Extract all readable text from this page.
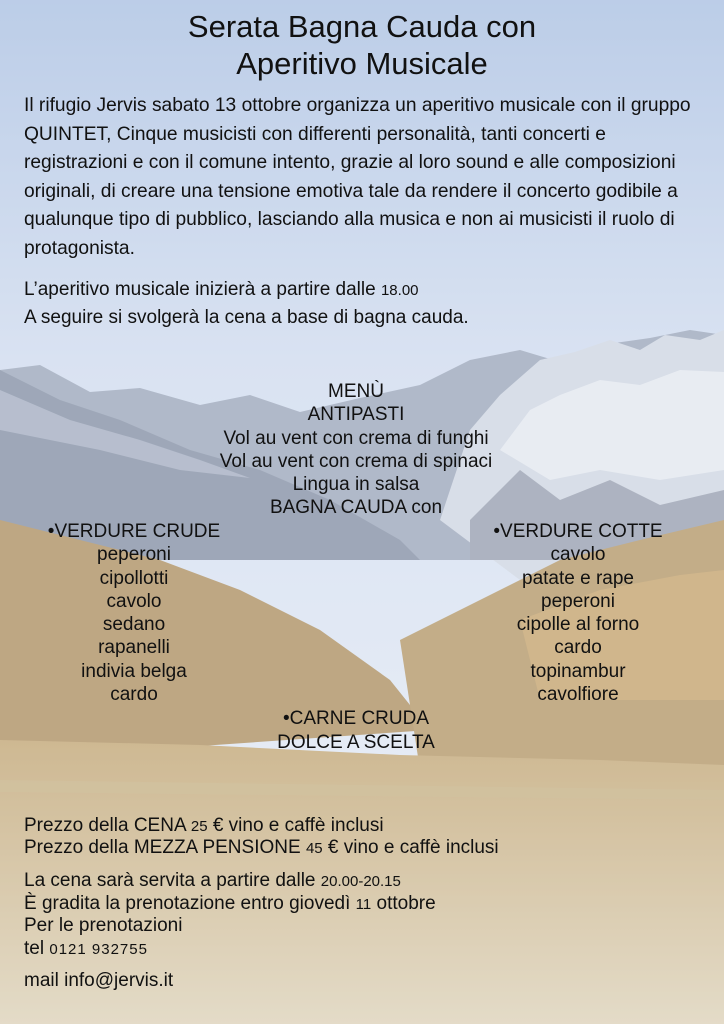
Serata Bagna Cauda con
Aperitivo Musicale

Il rifugio Jervis sabato 13 ottobre organizza un aperitivo musicale con il gruppo QUINTET, Cinque musicisti con differenti personalità, tanti concerti e registrazioni e con il comune intento, grazie al loro sound e alle composizioni originali, di creare una tensione emotiva tale da rendere il concerto godibile a qualunque tipo di pubblico, lasciando alla musica e non ai musicisti il ruolo di protagonista.

L’aperitivo musicale inizierà a partire dalle 18.00
A seguire si svolgerà la cena a base di bagna cauda.
MENÙ
ANTIPASTI
Vol au vent con crema di funghi
Vol au vent con crema di spinaci
Lingua in salsa
BAGNA CAUDA con
•VERDURE CRUDE
peperoni
cipollotti
cavolo
sedano
rapanelli
indivia belga
cardo
•VERDURE COTTE
cavolo
patate e rape
peperoni
cipolle al forno
cardo
topinambur
cavolfiore
•CARNE CRUDA
DOLCE A SCELTA
Prezzo della CENA 25 € vino e caffè inclusi
Prezzo della MEZZA PENSIONE 45 € vino e caffè inclusi
La cena sarà servita a partire dalle 20.00-20.15
È gradita la prenotazione entro giovedì 11 ottobre
Per le prenotazioni
tel 0121 932755
mail info@jervis.it
